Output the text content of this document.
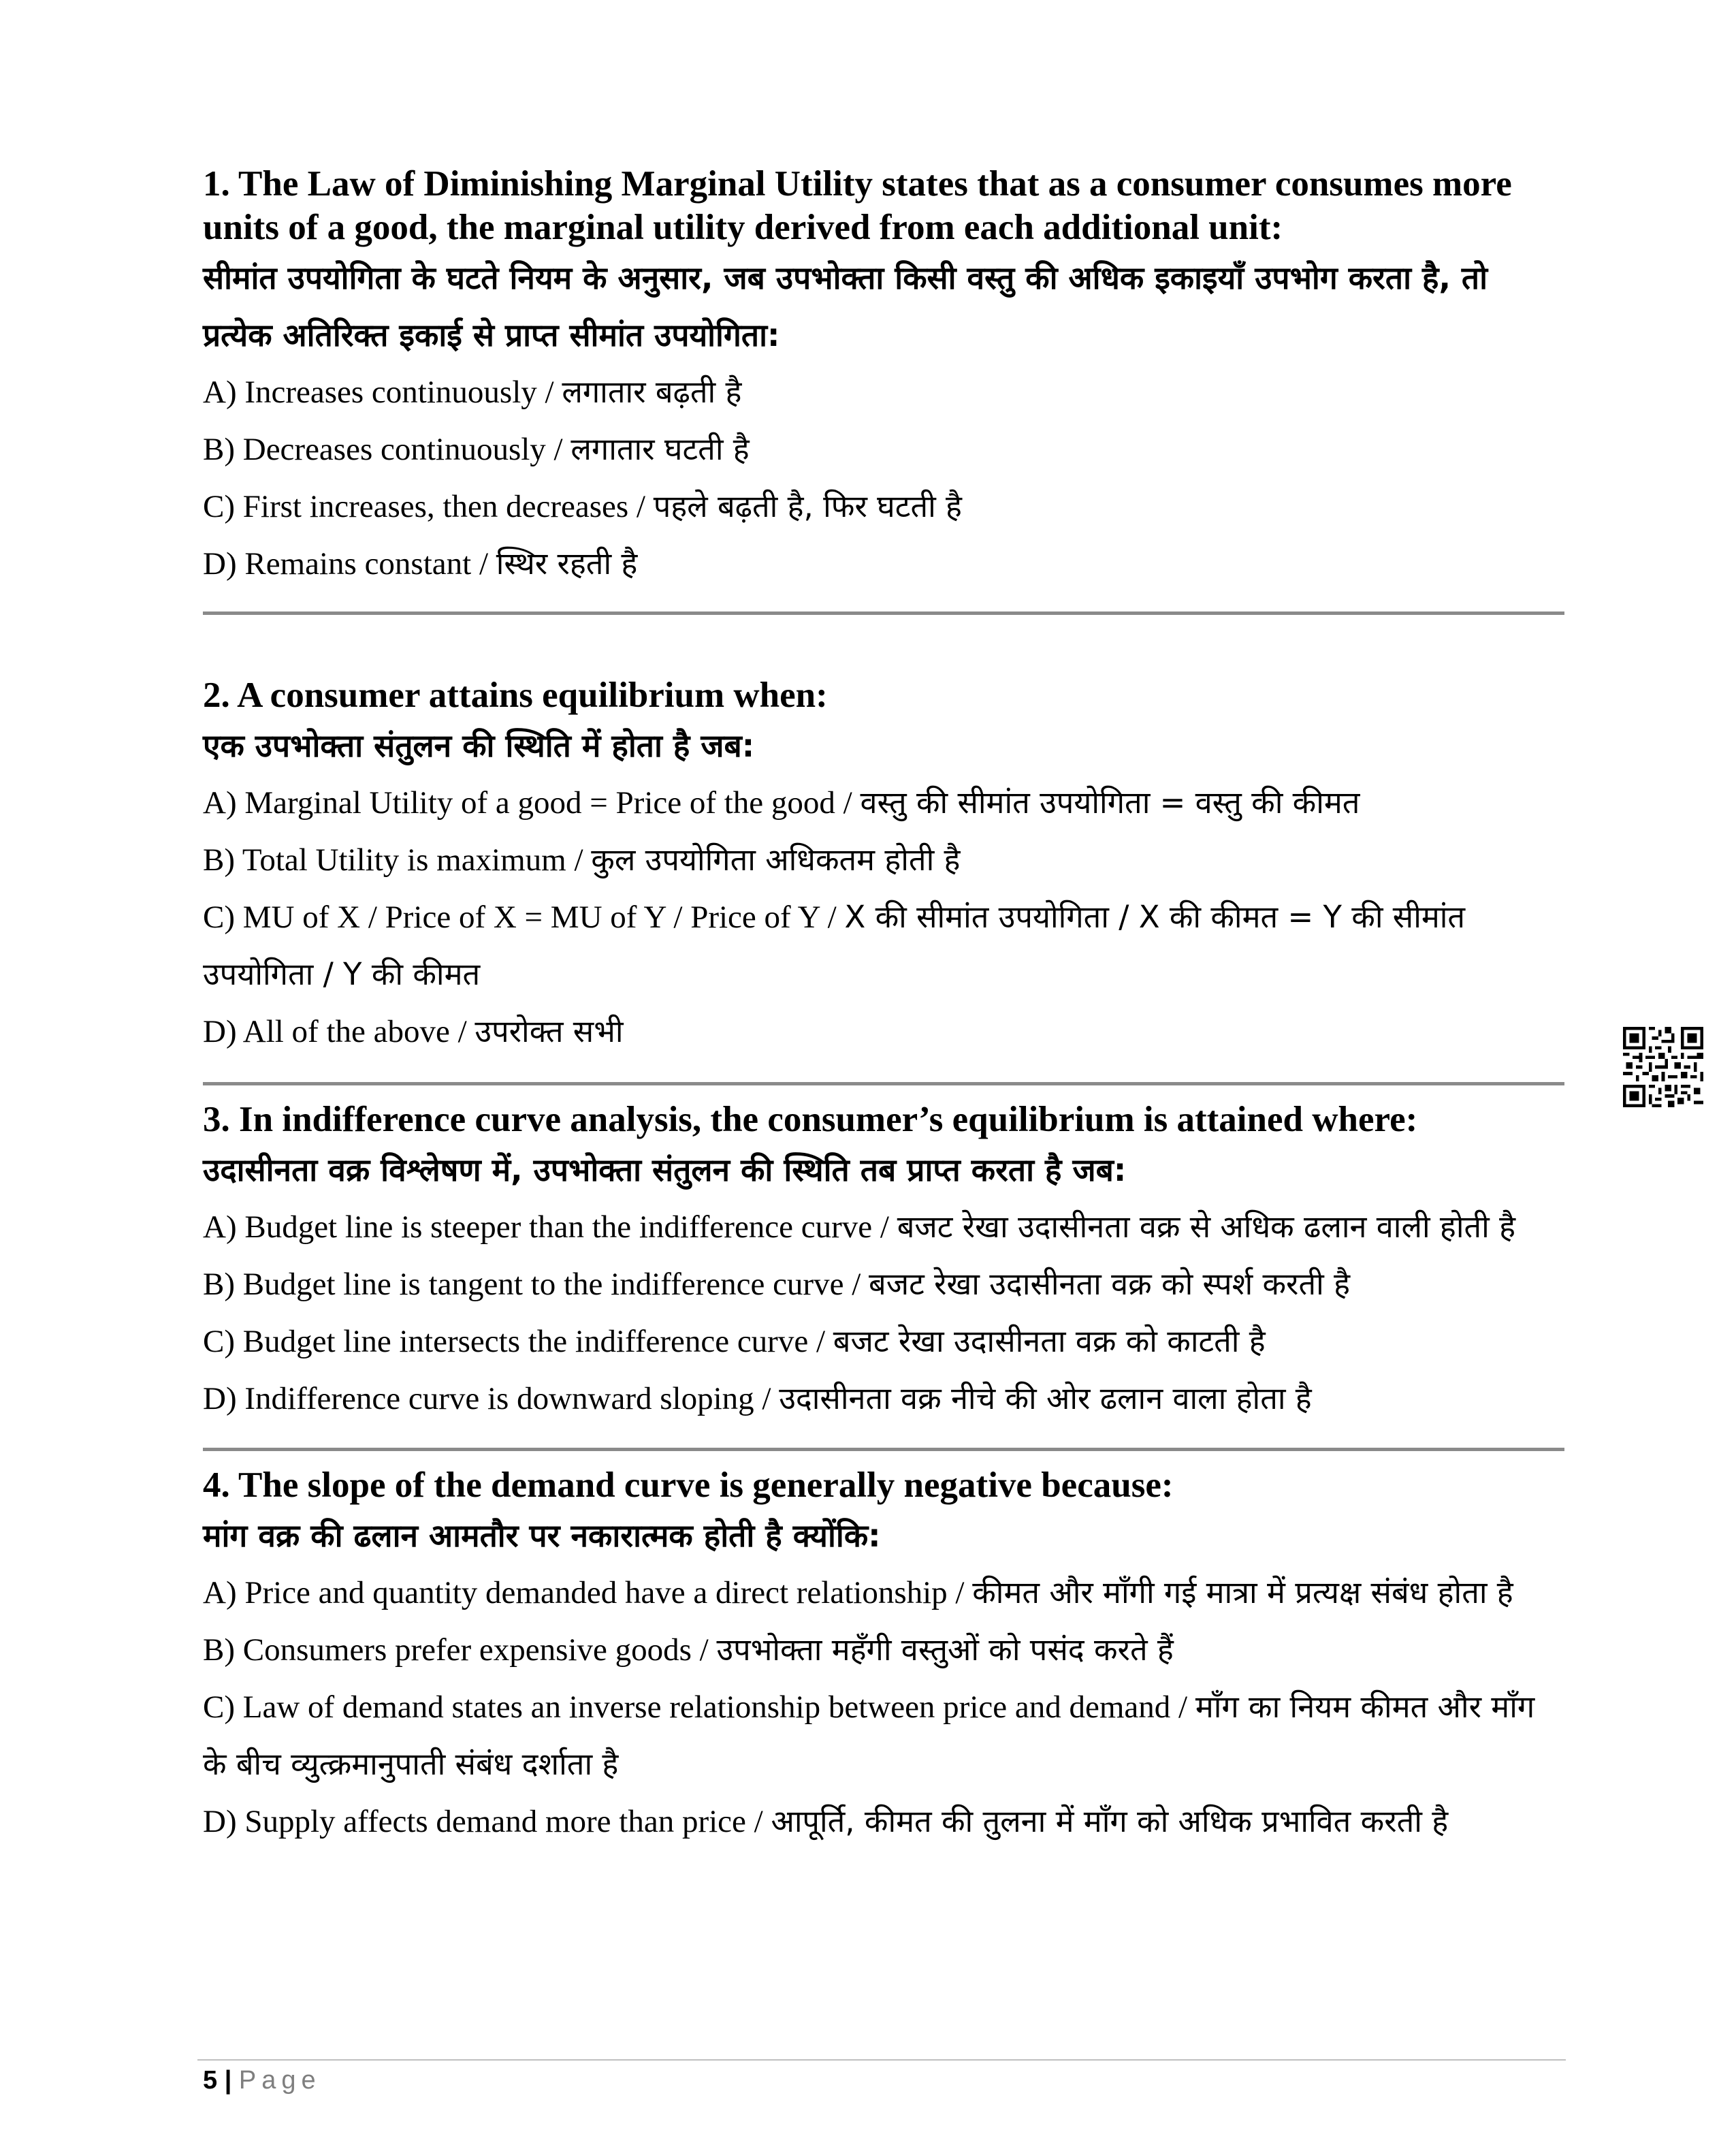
1. The Law of Diminishing Marginal Utility states that as a consumer consumes more units of a good, the marginal utility derived from each additional unit:

सीमांत उपयोगिता के घटते नियम के अनुसार, जब उपभोक्ता किसी वस्तु की अधिक इकाइयाँ उपभोग करता है, तो प्रत्येक अतिरिक्त इकाई से प्राप्त सीमांत उपयोगिता:

A) Increases continuously / लगातार बढ़ती है

B) Decreases continuously / लगातार घटती है

C) First increases, then decreases / पहले बढ़ती है, फिर घटती है

D) Remains constant / स्थिर रहती है

2. A consumer attains equilibrium when:

एक उपभोक्ता संतुलन की स्थिति में होता है जब:

A) Marginal Utility of a good = Price of the good / वस्तु की सीमांत उपयोगिता = वस्तु की कीमत

B) Total Utility is maximum / कुल उपयोगिता अधिकतम होती है

C) MU of X / Price of X = MU of Y / Price of Y / X की सीमांत उपयोगिता / X की कीमत = Y की सीमांत उपयोगिता / Y की कीमत

D) All of the above / उपरोक्त सभी

3. In indifference curve analysis, the consumer’s equilibrium is attained where:

उदासीनता वक्र विश्लेषण में, उपभोक्ता संतुलन की स्थिति तब प्राप्त करता है जब:

A) Budget line is steeper than the indifference curve / बजट रेखा उदासीनता वक्र से अधिक ढलान वाली होती है

B) Budget line is tangent to the indifference curve / बजट रेखा उदासीनता वक्र को स्पर्श करती है

C) Budget line intersects the indifference curve / बजट रेखा उदासीनता वक्र को काटती है

D) Indifference curve is downward sloping / उदासीनता वक्र नीचे की ओर ढलान वाला होता है

4. The slope of the demand curve is generally negative because:

मांग वक्र की ढलान आमतौर पर नकारात्मक होती है क्योंकि:

A) Price and quantity demanded have a direct relationship / कीमत और माँगी गई मात्रा में प्रत्यक्ष संबंध होता है

B) Consumers prefer expensive goods / उपभोक्ता महँगी वस्तुओं को पसंद करते हैं

C) Law of demand states an inverse relationship between price and demand / माँग का नियम कीमत और माँग के बीच व्युत्क्रमानुपाती संबंध दर्शाता है

D) Supply affects demand more than price / आपूर्ति, कीमत की तुलना में माँग को अधिक प्रभावित करती है

5 | Page
